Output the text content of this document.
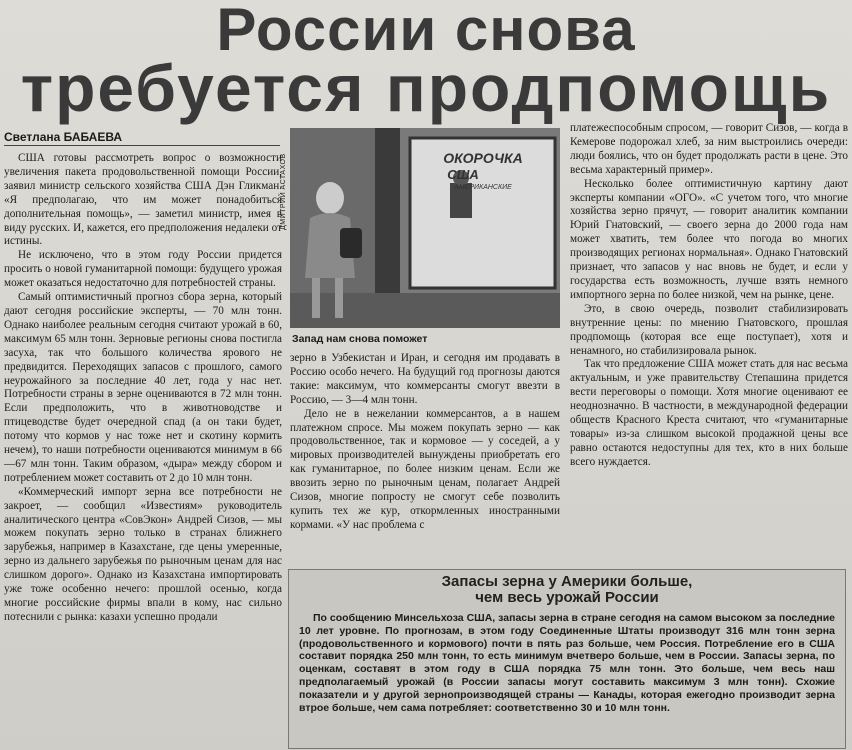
России снова
требуется продпомощь
Светлана БАБАЕВА

США готовы рассмотреть вопрос о возможности увеличения пакета продовольственной помощи России, заявил министр сельского хозяйства США Дэн Гликман. «Я предполагаю, что им может понадобиться дополнительная помощь», — заметил министр, имея в виду русских. И, кажется, его предположения недалеки от истины.

Не исключено, что в этом году России придется просить о новой гуманитарной помощи: будущего урожая может оказаться недостаточно для потребностей страны.

Самый оптимистичный прогноз сбора зерна, который дают сегодня российские эксперты, — 70 млн тонн. Однако наиболее реальным сегодня считают урожай в 60, максимум 65 млн тонн. Зерновые регионы снова постигла засуха, так что большого количества ярового не предвидится. Переходящих запасов с прошлого, самого неурожайного за последние 40 лет, года у нас нет. Потребности страны в зерне оцениваются в 72 млн тонн. Если предположить, что в животноводстве и птицеводстве будет очередной спад (а он таки будет, потому что кормов у нас тоже нет и скотину кормить нечем), то наши потребности оцениваются минимум в 66—67 млн тонн. Таким образом, «дыра» между сбором и потреблением может составить от 2 до 10 млн тонн.

«Коммерческий импорт зерна все потребности не закроет, — сообщил «Известиям» руководитель аналитического центра «СовЭкон» Андрей Сизов, — мы можем покупать зерно только в странах ближнего зарубежья, например в Казахстане, где цены умеренные, зерно из дальнего зарубежья по рыночным ценам для нас слишком дорого». Однако из Казахстана импортировать уже тоже особенно нечего: прошлой осенью, когда многие российские фирмы впали в кому, нас сильно потеснили с рынка: казахи успешно продали

ОКОРОЧКА
США
АМЕРИКАНСКИЕ
ДМИТРИЙ АСТАХОВ
Запад нам снова поможет

зерно в Узбекистан и Иран, и сегодня им продавать в Россию особо нечего. На будущий год прогнозы даются такие: максимум, что коммерсанты смогут ввезти в Россию, — 3—4 млн тонн.

Дело не в нежелании коммерсантов, а в нашем платежном спросе. Мы можем покупать зерно — как продовольственное, так и кормовое — у соседей, а у мировых производителей вынуждены приобретать его как гуманитарное, по более низким ценам. Если же ввозить зерно по рыночным ценам, полагает Андрей Сизов, многие попросту не смогут себе позволить купить тех же кур, откормленных иностранными кормами. «У нас проблема с

платежеспособным спросом, — говорит Сизов, — когда в Кемерове подорожал хлеб, за ним выстроились очереди: люди боялись, что он будет продолжать расти в цене. Это весьма характерный пример».

Несколько более оптимистичную картину дают эксперты компании «ОГО». «С учетом того, что многие хозяйства зерно прячут, — говорит аналитик компании Юрий Гнатовский, — своего зерна до 2000 года нам может хватить, тем более что погода во многих производящих регионах нормальная». Однако Гнатовский признает, что запасов у нас вновь не будет, и если у государства есть возможность, лучше взять немного импортного зерна по более низкой, чем на рынке, цене.

Это, в свою очередь, позволит стабилизировать внутренние цены: по мнению Гнатовского, прошлая продпомощь (которая все еще поступает), хотя и ненамного, но стабилизировала рынок.

Так что предложение США может стать для нас весьма актуальным, и уже правительству Степашина придется вести переговоры о помощи. Хотя многие оценивают ее неоднозначно. В частности, в международной федерации обществ Красного Креста считают, что «гуманитарные товары» из-за слишком высокой продажной цены все равно остаются недоступны для тех, кто в них больше всего нуждается.

Запасы зерна у Америки больше,
чем весь урожай России

По сообщению Минсельхоза США, запасы зерна в стране сегодня на самом высоком за последние 10 лет уровне. По прогнозам, в этом году Соединенные Штаты производут 316 млн тонн зерна (продовольственного и кормового) почти в пять раз больше, чем Россия. Потребление его в США составит порядка 250 млн тонн, то есть минимум вчетверо больше, чем в России. Запасы зерна, по оценкам, составят в этом году в США порядка 75 млн тонн. Это больше, чем весь наш предполагаемый урожай (в России запасы могут составить максимум 3 млн тонн). Схожие показатели и у другой зернопроизводящей страны — Канады, которая ежегодно производит зерна втрое больше, чем сама потребляет: соответственно 30 и 10 млн тонн.
